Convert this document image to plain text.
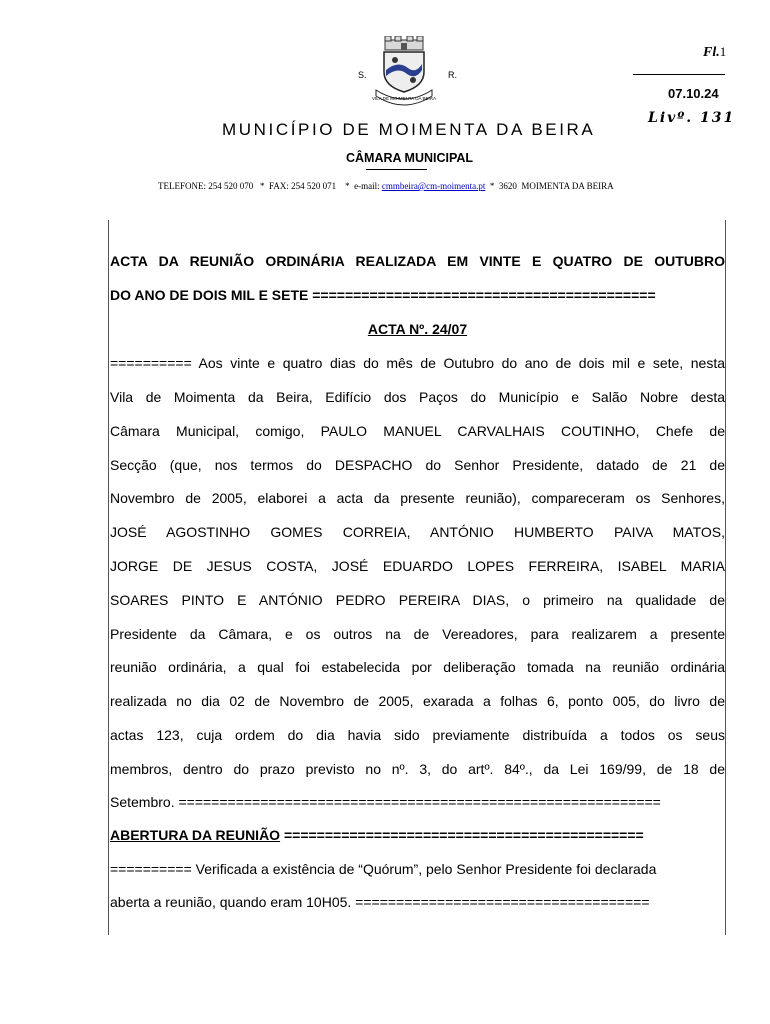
VILA DE MOIMENTA DA BEIRA
S.	R.
Fl.1
07.10.24
Livº. 131
MUNICÍPIO DE MOIMENTA DA BEIRA
CÂMARA MUNICIPAL
TELEFONE: 254 520 070   *  FAX: 254 520 071    *  e-mail: cmmbeira@cm-moimenta.pt  *  3620  MOIMENTA DA BEIRA
ACTA DA REUNIÃO ORDINÁRIA REALIZADA EM VINTE E QUATRO DE OUTUBRO
DO ANO DE DOIS MIL E SETE ==========================================
ACTA Nº. 24/07
========== Aos vinte e quatro dias do mês de Outubro do ano de dois mil e sete, nesta
Vila de Moimenta da Beira, Edifício dos Paços do Município e Salão Nobre desta
Câmara Municipal, comigo, PAULO MANUEL CARVALHAIS COUTINHO, Chefe de
Secção (que, nos termos do DESPACHO do Senhor Presidente, datado de 21 de
Novembro de 2005, elaborei a acta da presente reunião), compareceram os Senhores,
JOSÉ AGOSTINHO GOMES CORREIA, ANTÓNIO HUMBERTO PAIVA MATOS,
JORGE DE JESUS COSTA, JOSÉ EDUARDO LOPES FERREIRA, ISABEL MARIA
SOARES PINTO E ANTÓNIO PEDRO PEREIRA DIAS, o primeiro na qualidade de
Presidente da Câmara, e os outros na de Vereadores, para realizarem a presente
reunião ordinária, a qual foi estabelecida por deliberação tomada na reunião ordinária
realizada no dia 02 de Novembro de 2005, exarada a folhas 6, ponto 005, do livro de
actas 123, cuja ordem do dia havia sido previamente distribuída a todos os seus
membros, dentro do prazo previsto no nº. 3, do artº. 84º., da Lei 169/99, de 18 de
Setembro. ===========================================================
ABERTURA DA REUNIÃO ============================================
========== Verificada a existência de “Quórum”, pelo Senhor Presidente foi declarada
aberta a reunião, quando eram 10H05. ====================================
